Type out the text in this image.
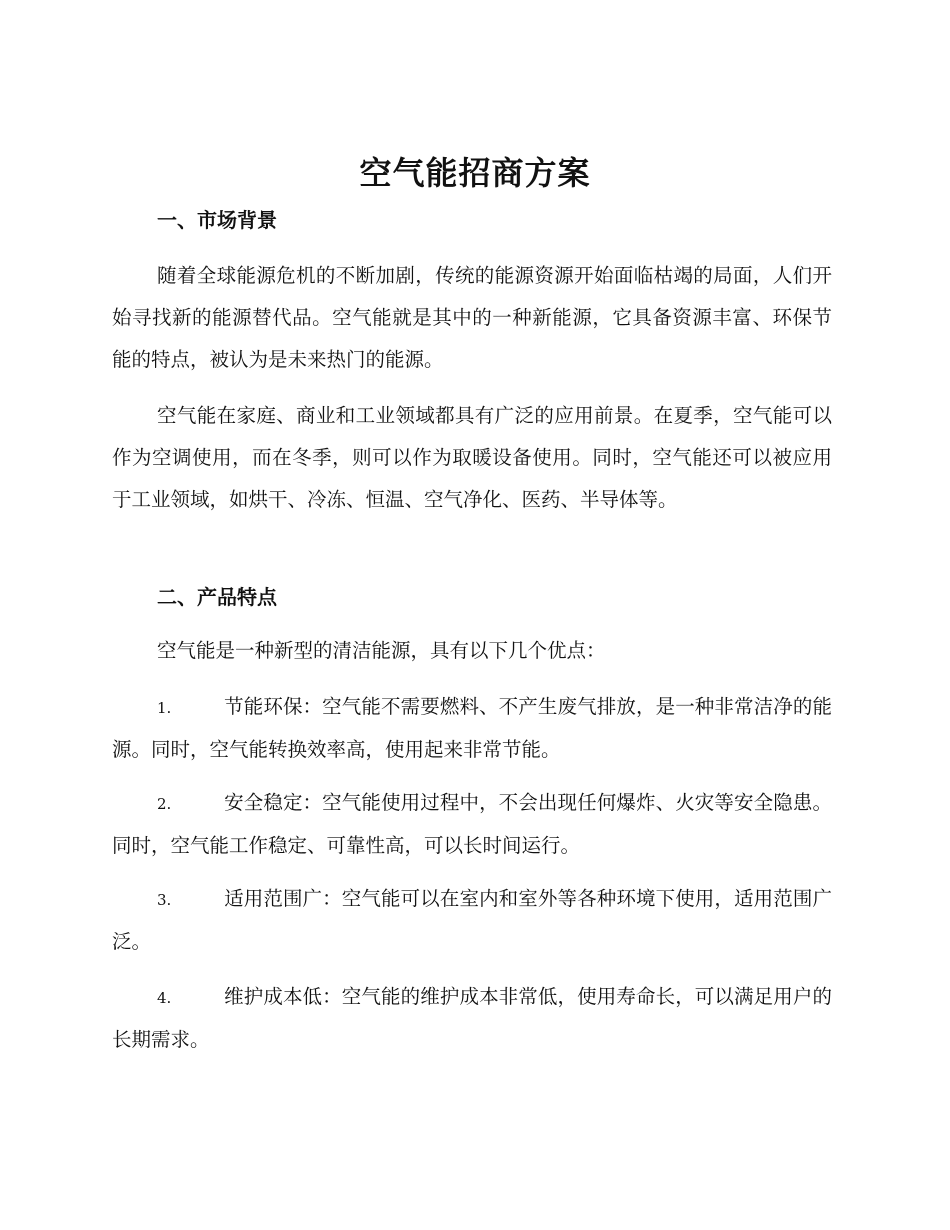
空气能招商方案
一、市场背景

随着全球能源危机的不断加剧，传统的能源资源开始面临枯竭的局面，人们开始寻找新的能源替代品。空气能就是其中的一种新能源，它具备资源丰富、环保节能的特点，被认为是未来热门的能源。

空气能在家庭、商业和工业领域都具有广泛的应用前景。在夏季，空气能可以作为空调使用，而在冬季，则可以作为取暖设备使用。同时，空气能还可以被应用于工业领域，如烘干、冷冻、恒温、空气净化、医药、半导体等。

二、产品特点

空气能是一种新型的清洁能源，具有以下几个优点：

1.	节能环保：空气能不需要燃料、不产生废气排放，是一种非常洁净的能源。同时，空气能转换效率高，使用起来非常节能。

2.	安全稳定：空气能使用过程中，不会出现任何爆炸、火灾等安全隐患。同时，空气能工作稳定、可靠性高，可以长时间运行。

3.	适用范围广：空气能可以在室内和室外等各种环境下使用，适用范围广泛。

4.	维护成本低：空气能的维护成本非常低，使用寿命长，可以满足用户的长期需求。
